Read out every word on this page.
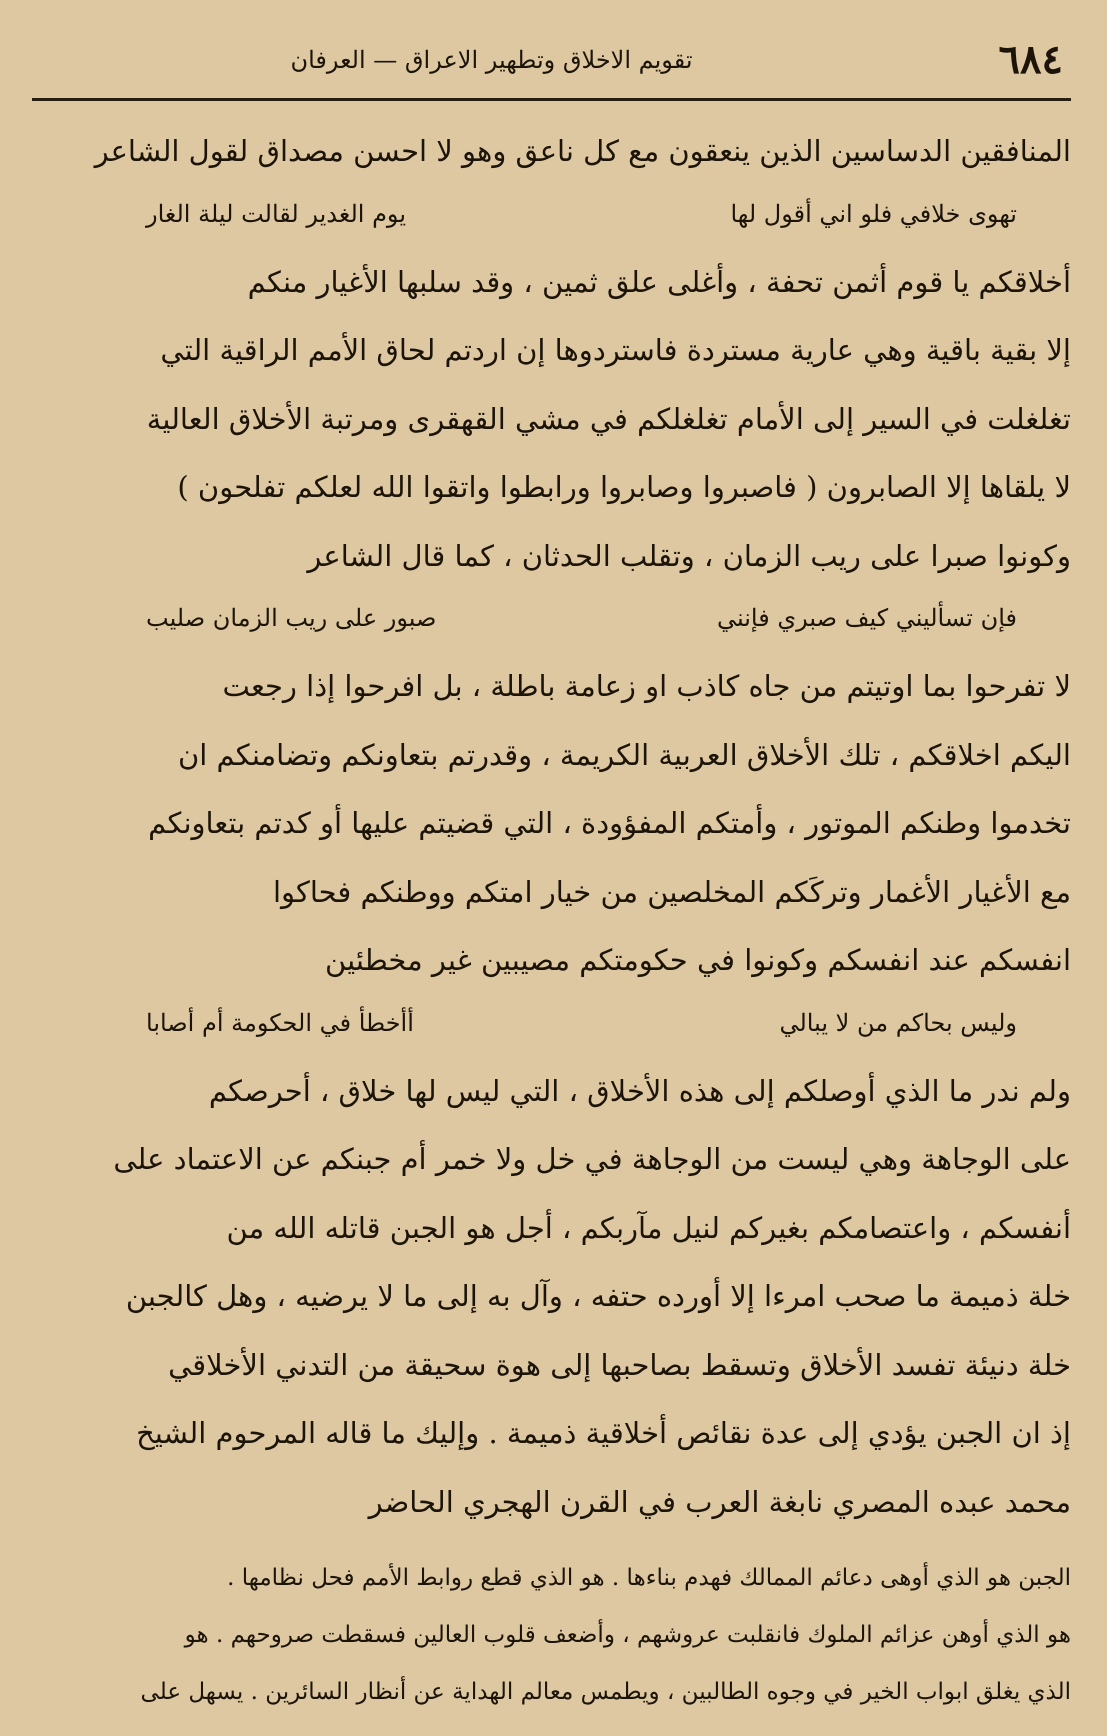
٦٨٤
تقويم الاخلاق وتطهير الاعراق — العرفان
المنافقين الدساسين الذين ينعقون مع كل ناعق وهو لا احسن مصداق لقول الشاعر
تهوى خلافي فلو اني أقول لها
يوم الغدير لقالت ليلة الغار
أخلاقكم يا قوم أثمن تحفة ، وأغلى علق ثمين ، وقد سلبها الأغيار منكم
إلا بقية باقية وهي عارية مستردة فاستردوها إن اردتم لحاق الأمم الراقية التي
تغلغلت في السير إلى الأمام تغلغلكم في مشي القهقرى ومرتبة الأخلاق العالية
لا يلقاها إلا الصابرون ( فاصبروا وصابروا ورابطوا واتقوا الله لعلكم تفلحون )
وكونوا صبرا على ريب الزمان ، وتقلب الحدثان ، كما قال الشاعر
فإن تسأليني كيف صبري فإنني
صبور على ريب الزمان صليب
لا تفرحوا بما اوتيتم من جاه كاذب او زعامة باطلة ، بل افرحوا إذا رجعت
اليكم اخلاقكم ، تلك الأخلاق العربية الكريمة ، وقدرتم بتعاونكم وتضامنكم ان
تخدموا وطنكم الموتور ، وأمتكم المفؤودة ، التي قضيتم عليها أو كدتم بتعاونكم
مع الأغيار الأغمار وتركَكم المخلصين من خيار امتكم ووطنكم فحاكوا
انفسكم عند انفسكم وكونوا في حكومتكم مصيبين غير مخطئين
وليس بحاكم من لا يبالي
أأخطأ في الحكومة أم أصابا
ولم ندر ما الذي أوصلكم إلى هذه الأخلاق ، التي ليس لها خلاق ، أحرصكم
على الوجاهة وهي ليست من الوجاهة في خل ولا خمر أم جبنكم عن الاعتماد على
أنفسكم ، واعتصامكم بغيركم لنيل مآربكم ، أجل هو الجبن قاتله الله من
خلة ذميمة ما صحب امرءا إلا أورده حتفه ، وآل به إلى ما لا يرضيه ، وهل كالجبن
خلة دنيئة تفسد الأخلاق وتسقط بصاحبها إلى هوة سحيقة من التدني الأخلاقي
إذ ان الجبن يؤدي إلى عدة نقائص أخلاقية ذميمة . وإليك ما قاله المرحوم الشيخ
محمد عبده المصري نابغة العرب في القرن الهجري الحاضر
الجبن هو الذي أوهى دعائم الممالك فهدم بناءها . هو الذي قطع روابط الأمم فحل نظامها .
هو الذي أوهن عزائم الملوك فانقلبت عروشهم ، وأضعف قلوب العالين فسقطت صروحهم . هو
الذي يغلق ابواب الخير في وجوه الطالبين ، ويطمس معالم الهداية عن أنظار السائرين . يسهل على
